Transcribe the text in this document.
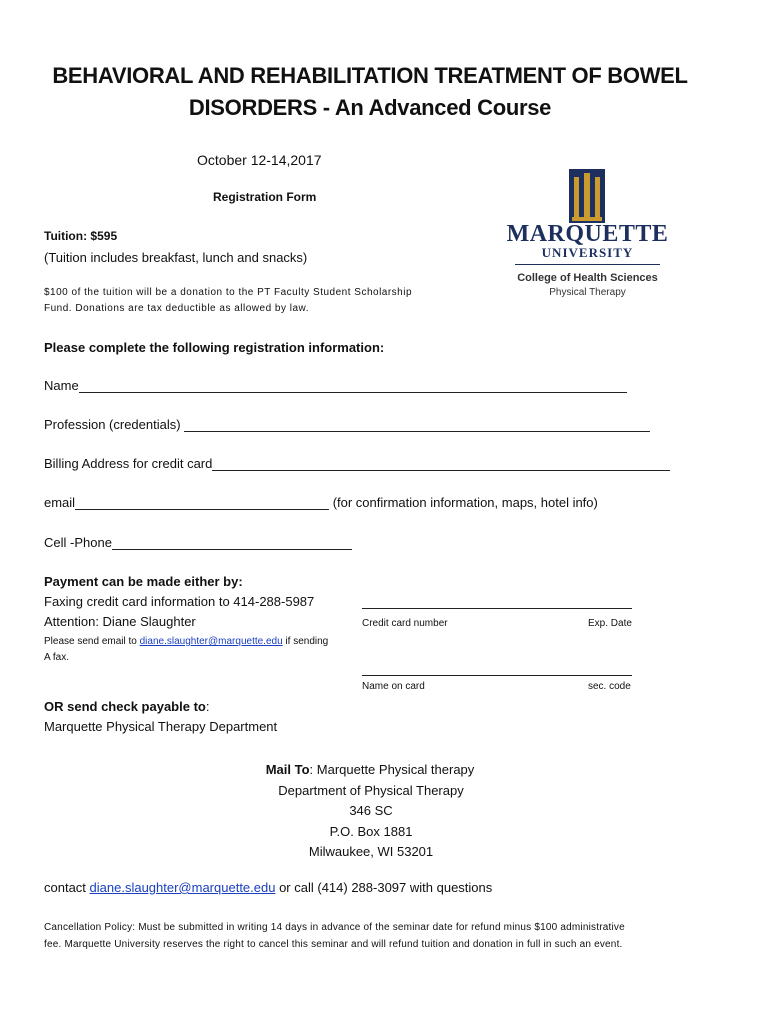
BEHAVIORAL AND REHABILITATION TREATMENT OF BOWEL
DISORDERS - An Advanced Course
October 12-14,2017
Registration Form
Tuition: $595
(Tuition includes breakfast, lunch and snacks)
$100 of the tuition will be a donation to the PT Faculty Student Scholarship
Fund. Donations are tax deductible as allowed by law.
MARQUETTE
UNIVERSITY
College of Health Sciences
Physical Therapy
Please complete the following registration information:
Name
Profession (credentials)
Billing Address for credit card
email	(for confirmation information, maps, hotel info)
Cell -Phone
Payment can be made either by:
Faxing credit card information to 414-288-5987
Attention: Diane Slaughter
Please send email to diane.slaughter@marquette.edu if sending
A fax.
Credit card number	Exp. Date
Name on card	sec. code
OR send check payable to:
Marquette Physical Therapy Department
Mail To: Marquette Physical therapy
Department of Physical Therapy
346 SC
P.O. Box 1881
Milwaukee, WI 53201
contact diane.slaughter@marquette.edu or call (414) 288-3097 with questions
Cancellation Policy: Must be submitted in writing 14 days in advance of the seminar date for refund minus $100 administrative
fee. Marquette University reserves the right to cancel this seminar and will refund tuition and donation in full in such an event.
